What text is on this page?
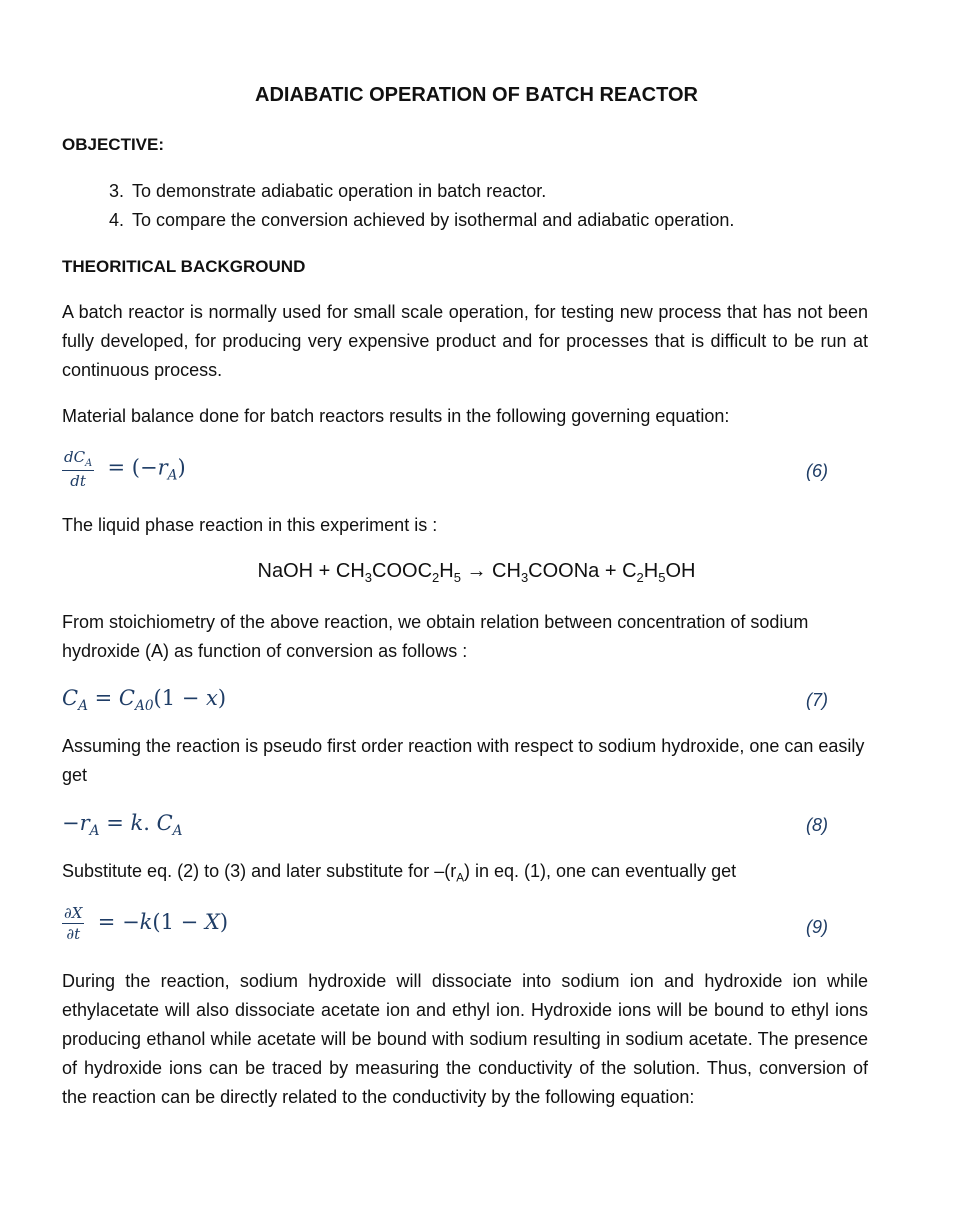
ADIABATIC OPERATION OF BATCH REACTOR
OBJECTIVE:
3. To demonstrate adiabatic operation in batch reactor.
4. To compare the conversion achieved by isothermal and adiabatic operation.
THEORITICAL BACKGROUND
A batch reactor is normally used for small scale operation, for testing new process that has not been fully developed, for producing very expensive product and for processes that is difficult to be run at continuous process.
Material balance done for batch reactors results in the following governing equation:
$\frac{dC_A}{dt} = (-r_A)$	(6)
The liquid phase reaction in this experiment is :
NaOH + $CH_3COOC_2H_5$ → $CH_3COONa + C_2H_5OH$
From stoichiometry of the above reaction, we obtain relation between concentration of sodium hydroxide (A) as function of conversion as follows :
$C_A = C_{A0}(1 - x)$	(7)
Assuming the reaction is pseudo first order reaction with respect to sodium hydroxide, one can easily get
$-r_A = k$. $C_A$	(8)
Substitute eq. (2) to (3) and later substitute for $-(r_A)$ in eq. (1), one can eventually get
$\frac{\partial X}{\partial t} = -k(1 - X)$	(9)
During the reaction, sodium hydroxide will dissociate into sodium ion and hydroxide ion while ethylacetate will also dissociate acetate ion and ethyl ion. Hydroxide ions will be bound to ethyl ions producing ethanol while acetate will be bound with sodium resulting in sodium acetate. The presence of hydroxide ions can be traced by measuring the conductivity of the solution. Thus, conversion of the reaction can be directly related to the conductivity by the following equation:
